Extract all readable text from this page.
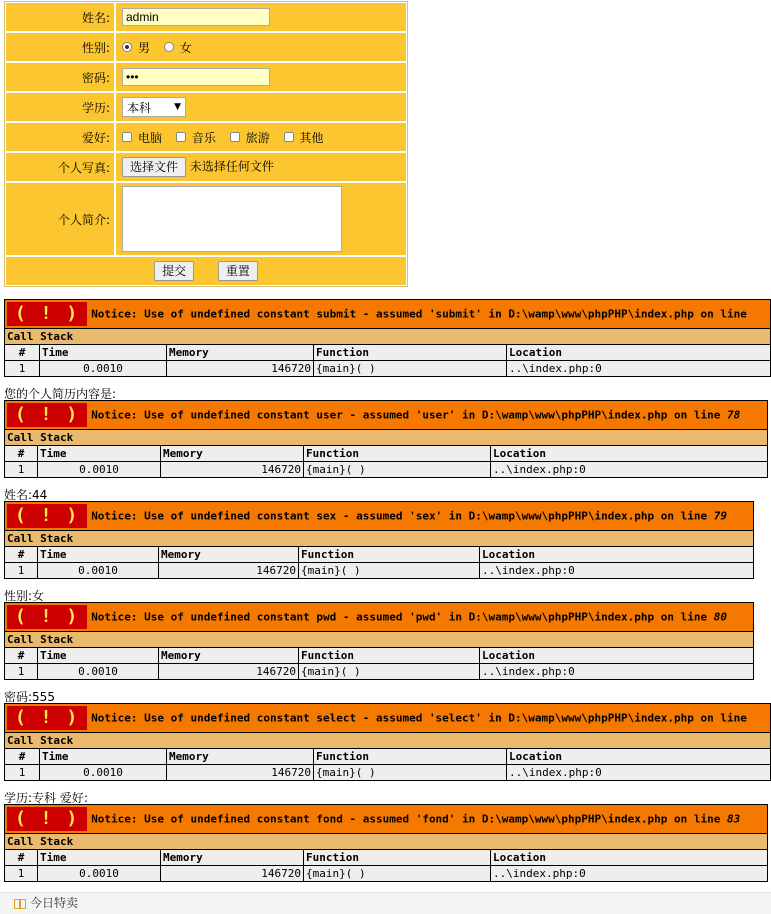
姓名:	admin
性别:	男 女
密码:	•••
学历:	本科 ▼

爱好:	电脑 音乐 旅游 其他
个人写真:	选择文件 未选择任何文件
个人简介:	

提交 重置	
( ! ) Notice: Use of undefined constant submit - assumed 'submit' in D:\wamp\www\phpPHP\index.php on line				
Call Stack				
#	Time	Memory	Function	Location
1	0.0010	146720	{main}( )	..\index.php:0
您的个人简历内容是:
( ! ) Notice: Use of undefined constant user - assumed 'user' in D:\wamp\www\phpPHP\index.php on line 78				
Call Stack				
#	Time	Memory	Function	Location
1	0.0010	146720	{main}( )	..\index.php:0
姓名:44
( ! ) Notice: Use of undefined constant sex - assumed 'sex' in D:\wamp\www\phpPHP\index.php on line 79				
Call Stack				
#	Time	Memory	Function	Location
1	0.0010	146720	{main}( )	..\index.php:0
性别:女
( ! ) Notice: Use of undefined constant pwd - assumed 'pwd' in D:\wamp\www\phpPHP\index.php on line 80				
Call Stack				
#	Time	Memory	Function	Location
1	0.0010	146720	{main}( )	..\index.php:0
密码:555
( ! ) Notice: Use of undefined constant select - assumed 'select' in D:\wamp\www\phpPHP\index.php on line				
Call Stack				
#	Time	Memory	Function	Location
1	0.0010	146720	{main}( )	..\index.php:0
学历:专科 爱好:
( ! ) Notice: Use of undefined constant fond - assumed 'fond' in D:\wamp\www\phpPHP\index.php on line 83				
Call Stack				
#	Time	Memory	Function	Location
1	0.0010	146720	{main}( )	..\index.php:0
今日特卖
